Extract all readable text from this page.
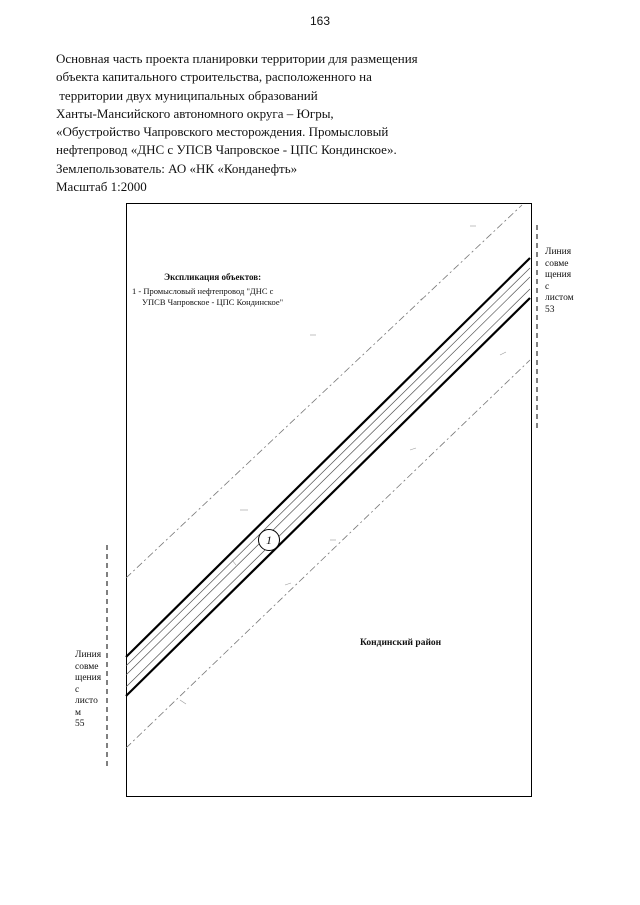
163
Основная часть проекта планировки территории для размещения
объекта капитального строительства, расположенного на
территории двух муниципальных образований
Ханты-Мансийского автономного округа – Югры,
«Обустройство Чапровского месторождения. Промысловый
нефтепровод «ДНС с УПСВ Чапровское - ЦПС Кондинское».
Землепользователь: АО «НК «Конданефть»
Масштаб 1:2000
Экспликация объектов:
1 - Промысловый нефтепровод "ДНС с
УПСВ Чапровское - ЦПС Кондинское"
1
Кондинский район
Линия
совме
щения
с
листом
53
Линия
совме
щения
с
листо
м
55
